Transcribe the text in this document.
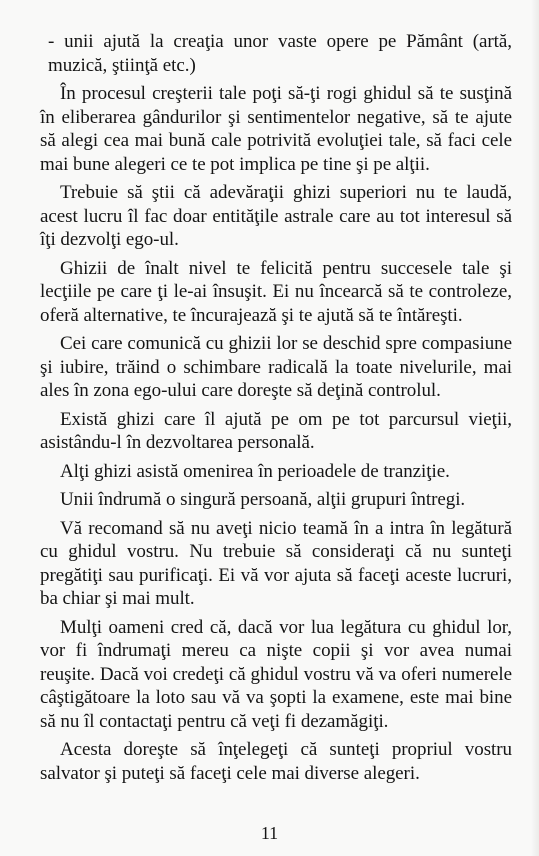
- unii ajută la creaţia unor vaste opere pe Pământ (artă, muzică, ştiinţă etc.)

În procesul creşterii tale poţi să-ţi rogi ghidul să te susţină în eliberarea gândurilor şi sentimentelor negative, să te ajute să alegi cea mai bună cale potrivită evoluţiei tale, să faci cele mai bune alegeri ce te pot implica pe tine şi pe alţii.

Trebuie să ştii că adevăraţii ghizi superiori nu te laudă, acest lucru îl fac doar entităţile astrale care au tot interesul să îţi dezvolţi ego-ul.

Ghizii de înalt nivel te felicită pentru succesele tale şi lecţiile pe care ţi le-ai însuşit. Ei nu încearcă să te controleze, oferă alternative, te încurajează şi te ajută să te întăreşti.

Cei care comunică cu ghizii lor se deschid spre compasiune şi iubire, trăind o schimbare radicală la toate nivelurile, mai ales în zona ego-ului care doreşte să deţină controlul.

Există ghizi care îl ajută pe om pe tot parcursul vieţii, asistându-l în dezvoltarea personală.

Alţi ghizi asistă omenirea în perioadele de tranziţie.

Unii îndrumă o singură persoană, alţii grupuri întregi.

Vă recomand să nu aveţi nicio teamă în a intra în legătură cu ghidul vostru. Nu trebuie să consideraţi că nu sunteţi pregătiţi sau purificaţi. Ei vă vor ajuta să faceţi aceste lucruri, ba chiar şi mai mult.

Mulţi oameni cred că, dacă vor lua legătura cu ghidul lor, vor fi îndrumaţi mereu ca nişte copii şi vor avea numai reuşite. Dacă voi credeţi că ghidul vostru vă va oferi numerele câştigătoare la loto sau vă va şopti la examene, este mai bine să nu îl contactaţi pentru că veţi fi dezamăgiţi.

Acesta doreşte să înţelegeţi că sunteţi propriul vostru salvator şi puteţi să faceţi cele mai diverse alegeri.

11
